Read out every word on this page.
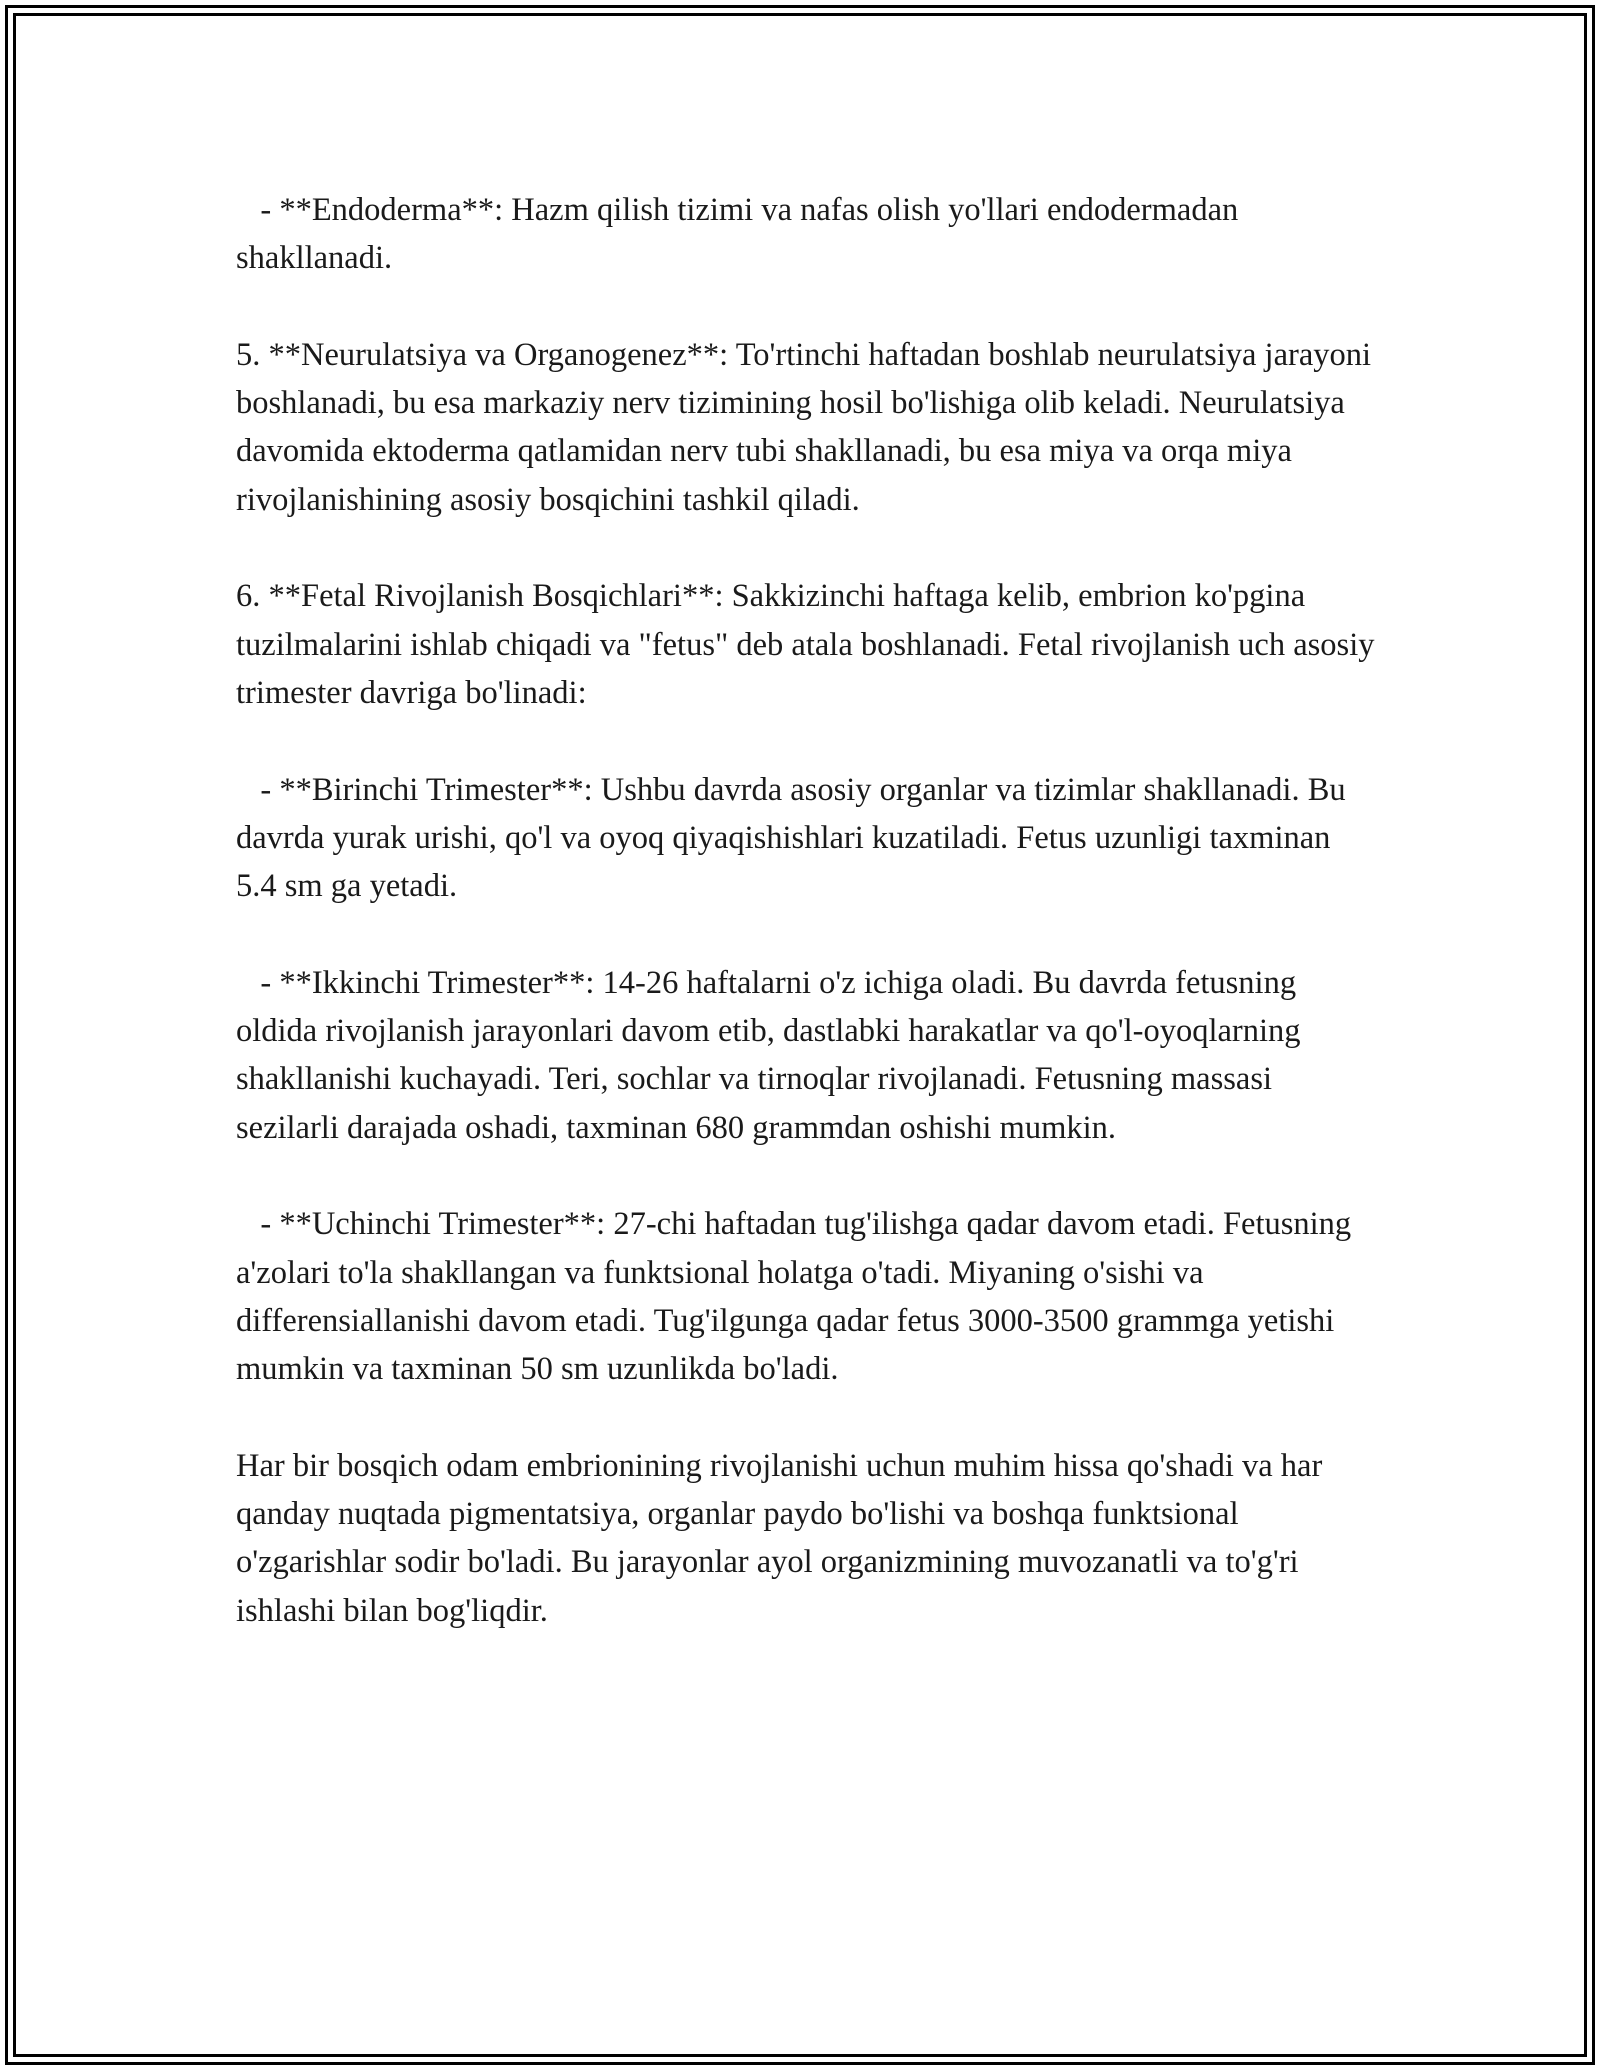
- **Endoderma**: Hazm qilish tizimi va nafas olish yo'llari endodermadan shakllanadi.

5. **Neurulatsiya va Organogenez**: To'rtinchi haftadan boshlab neurulatsiya jarayoni boshlanadi, bu esa markaziy nerv tizimining hosil bo'lishiga olib keladi. Neurulatsiya davomida ektoderma qatlamidan nerv tubi shakllanadi, bu esa miya va orqa miya rivojlanishining asosiy bosqichini tashkil qiladi.

6. **Fetal Rivojlanish Bosqichlari**: Sakkizinchi haftaga kelib, embrion ko'pgina tuzilmalarini ishlab chiqadi va "fetus" deb atala boshlanadi. Fetal rivojlanish uch asosiy trimester davriga bo'linadi:

- **Birinchi Trimester**: Ushbu davrda asosiy organlar va tizimlar shakllanadi. Bu davrda yurak urishi, qo'l va oyoq qiyaqishishlari kuzatiladi. Fetus uzunligi taxminan 5.4 sm ga yetadi.

- **Ikkinchi Trimester**: 14-26 haftalarni o'z ichiga oladi. Bu davrda fetusning oldida rivojlanish jarayonlari davom etib, dastlabki harakatlar va qo'l-oyoqlarning shakllanishi kuchayadi. Teri, sochlar va tirnoqlar rivojlanadi. Fetusning massasi sezilarli darajada oshadi, taxminan 680 grammdan oshishi mumkin.

- **Uchinchi Trimester**: 27-chi haftadan tug'ilishga qadar davom etadi. Fetusning a'zolari to'la shakllangan va funktsional holatga o'tadi. Miyaning o'sishi va differensiallanishi davom etadi. Tug'ilgunga qadar fetus 3000-3500 grammga yetishi mumkin va taxminan 50 sm uzunlikda bo'ladi.

Har bir bosqich odam embrionining rivojlanishi uchun muhim hissa qo'shadi va har qanday nuqtada pigmentatsiya, organlar paydo bo'lishi va boshqa funktsional o'zgarishlar sodir bo'ladi. Bu jarayonlar ayol organizmining muvozanatli va to'g'ri ishlashi bilan bog'liqdir.
